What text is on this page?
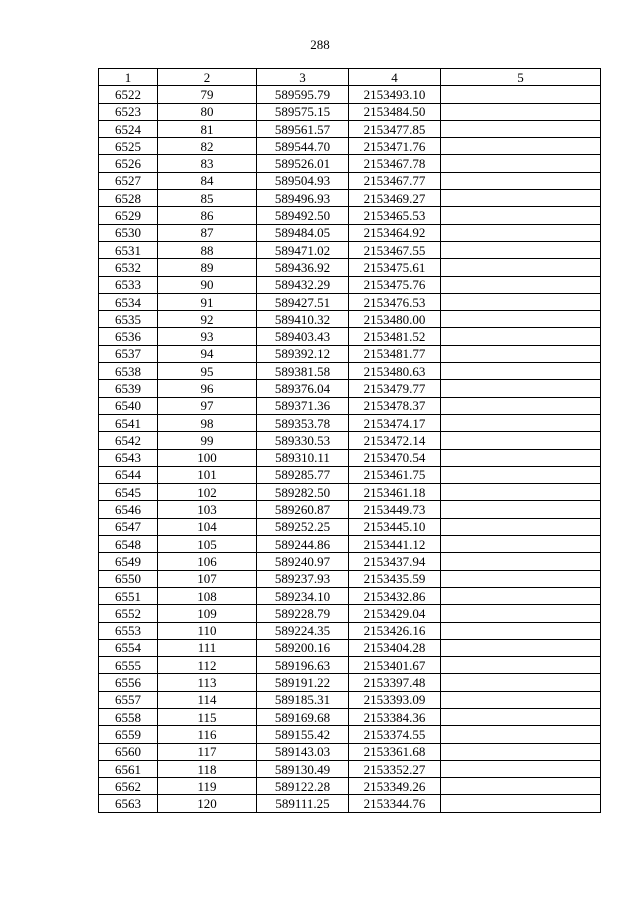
288
1	2	3	4	5
6522	79	589595.79	2153493.10	
6523	80	589575.15	2153484.50	
6524	81	589561.57	2153477.85	
6525	82	589544.70	2153471.76	
6526	83	589526.01	2153467.78	
6527	84	589504.93	2153467.77	
6528	85	589496.93	2153469.27	
6529	86	589492.50	2153465.53	
6530	87	589484.05	2153464.92	
6531	88	589471.02	2153467.55	
6532	89	589436.92	2153475.61	
6533	90	589432.29	2153475.76	
6534	91	589427.51	2153476.53	
6535	92	589410.32	2153480.00	
6536	93	589403.43	2153481.52	
6537	94	589392.12	2153481.77	
6538	95	589381.58	2153480.63	
6539	96	589376.04	2153479.77	
6540	97	589371.36	2153478.37	
6541	98	589353.78	2153474.17	
6542	99	589330.53	2153472.14	
6543	100	589310.11	2153470.54	
6544	101	589285.77	2153461.75	
6545	102	589282.50	2153461.18	
6546	103	589260.87	2153449.73	
6547	104	589252.25	2153445.10	
6548	105	589244.86	2153441.12	
6549	106	589240.97	2153437.94	
6550	107	589237.93	2153435.59	
6551	108	589234.10	2153432.86	
6552	109	589228.79	2153429.04	
6553	110	589224.35	2153426.16	
6554	111	589200.16	2153404.28	
6555	112	589196.63	2153401.67	
6556	113	589191.22	2153397.48	
6557	114	589185.31	2153393.09	
6558	115	589169.68	2153384.36	
6559	116	589155.42	2153374.55	
6560	117	589143.03	2153361.68	
6561	118	589130.49	2153352.27	
6562	119	589122.28	2153349.26	
6563	120	589111.25	2153344.76	
